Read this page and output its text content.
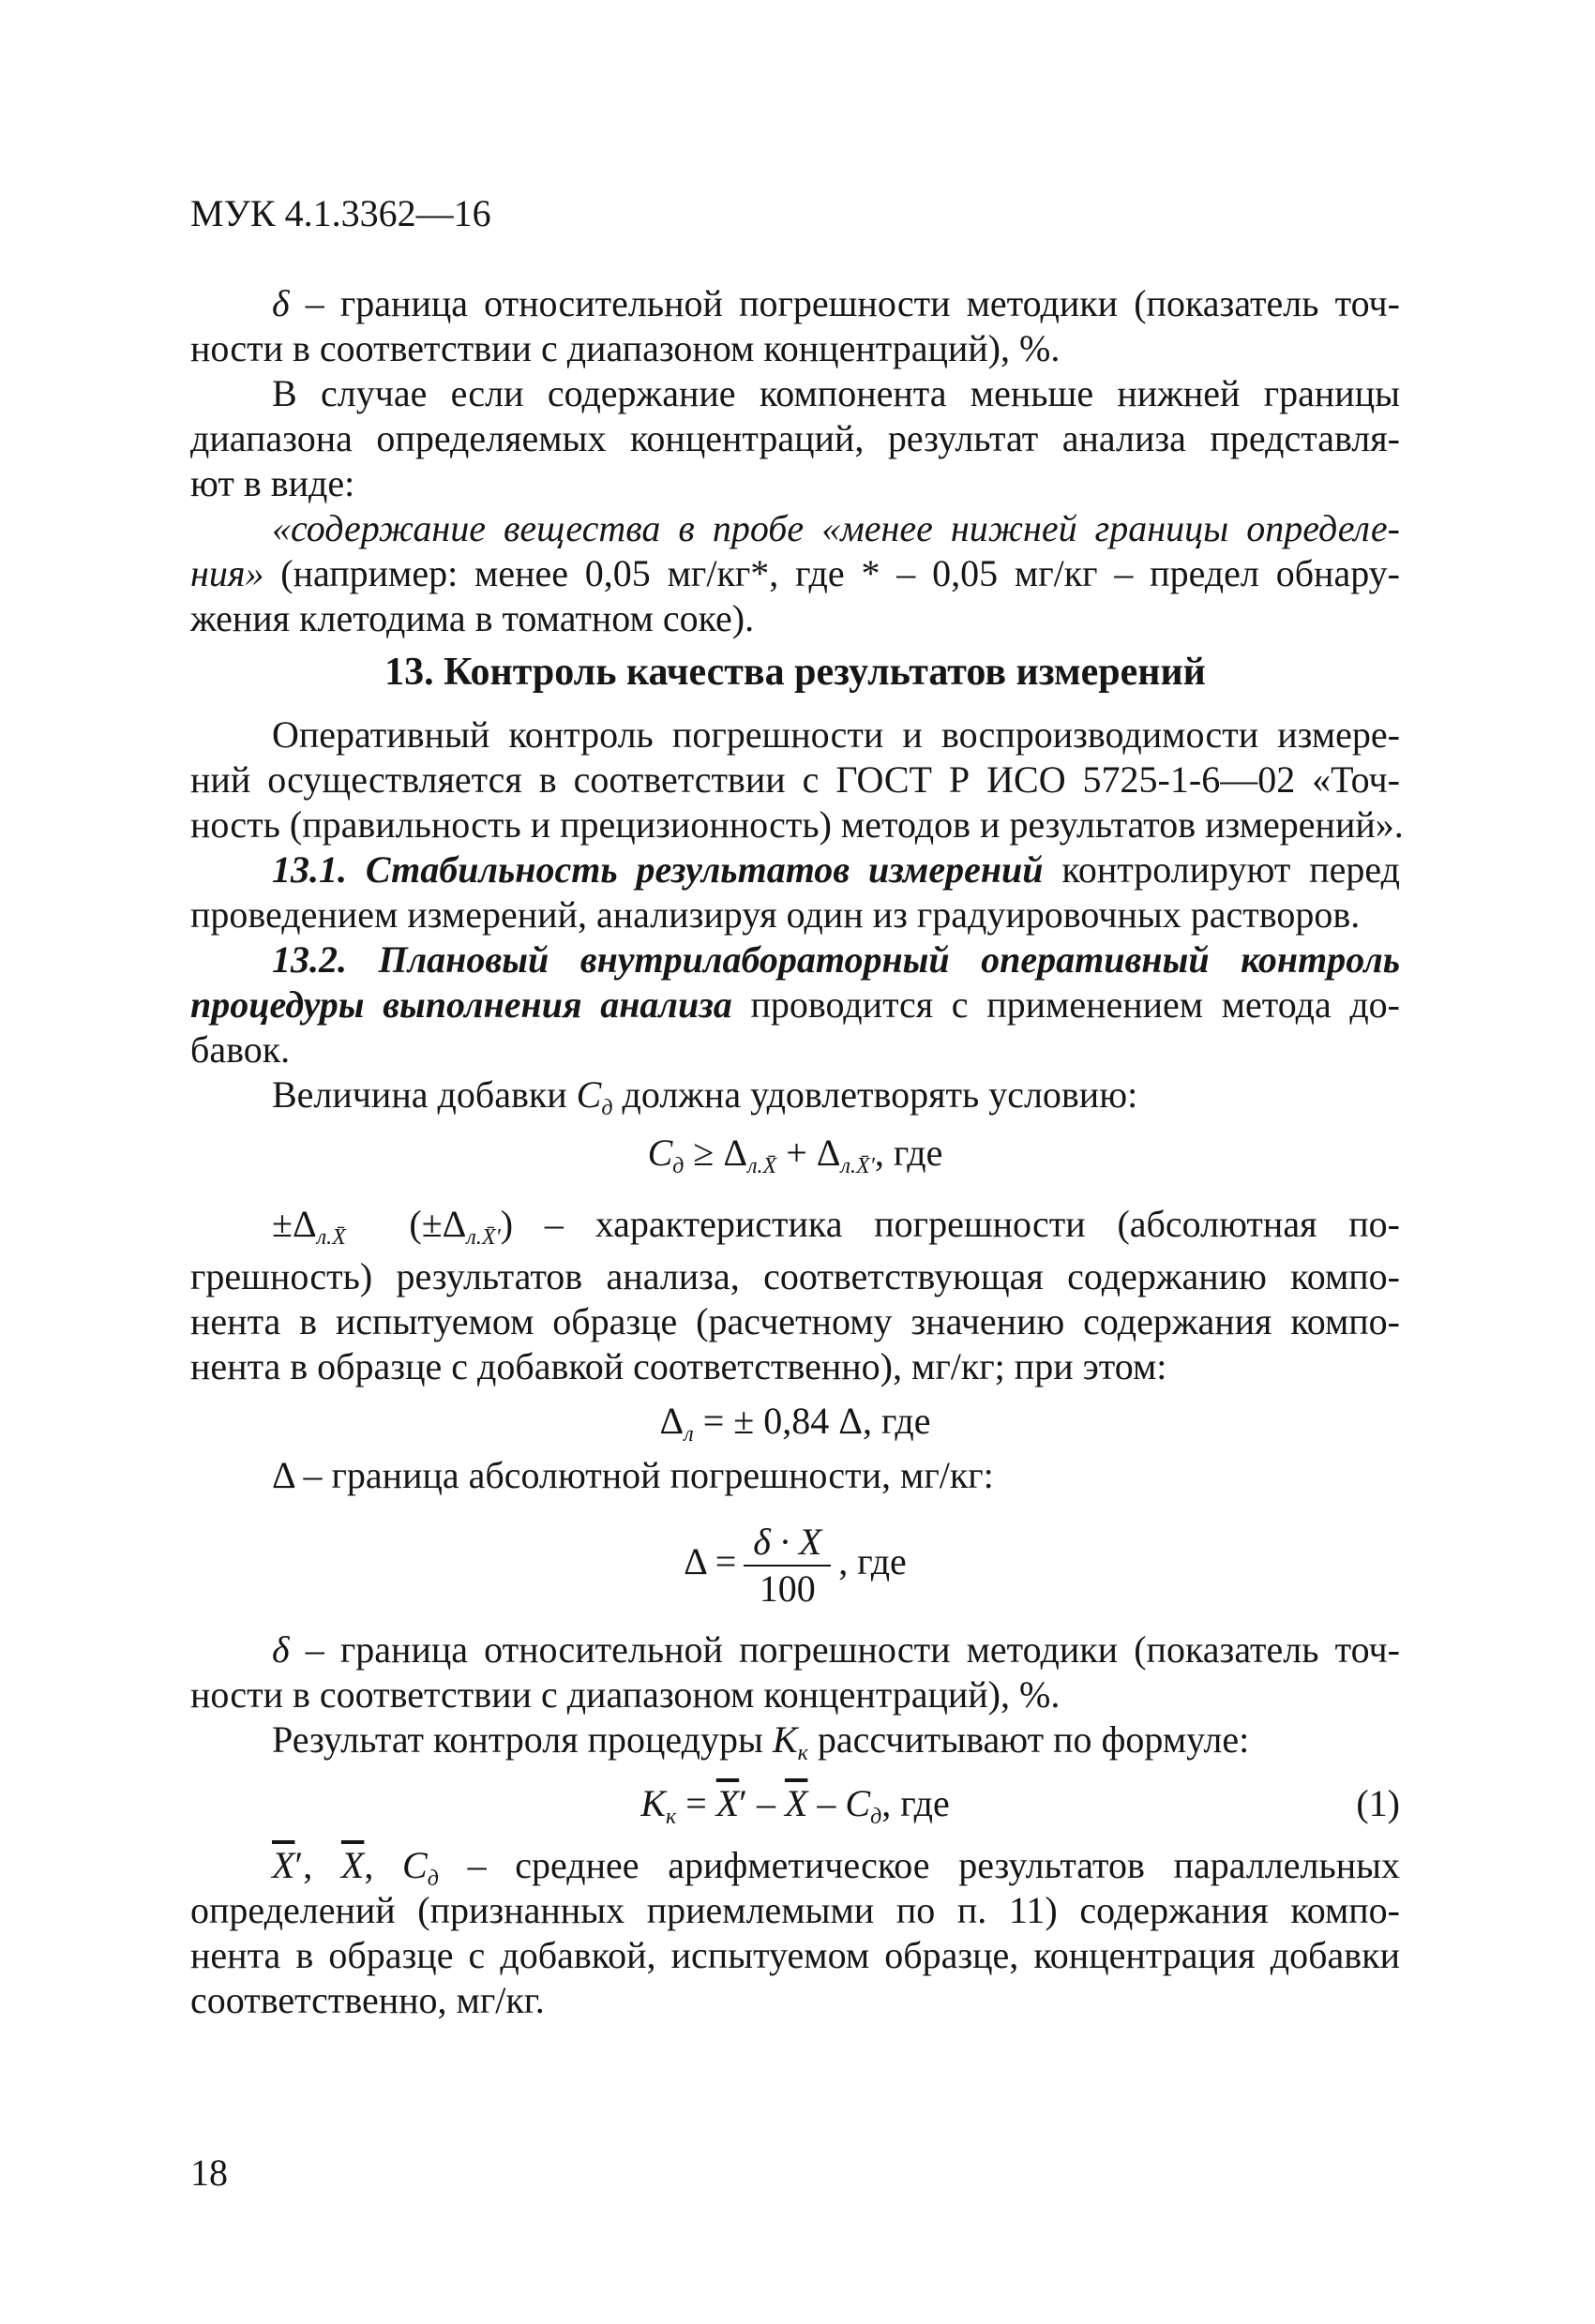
МУК 4.1.3362—16
δ – граница относительной погрешности методики (показатель точ-
ности в соответствии с диапазоном концентраций), %.
В случае если содержание компонента меньше нижней границы
диапазона определяемых концентраций, результат анализа представля-
ют в виде:
«содержание вещества в пробе «менее нижней границы определе-
ния» (например: менее 0,05 мг/кг*, где * – 0,05 мг/кг – предел обнару-
жения клетодима в томатном соке).
13. Контроль качества результатов измерений
Оперативный контроль погрешности и воспроизводимости измере-
ний осуществляется в соответствии с ГОСТ Р ИСО 5725-1-6—02 «Точ-
ность (правильность и прецизионность) методов и результатов измерений».
13.1. Стабильность результатов измерений контролируют перед
проведением измерений, анализируя один из градуировочных растворов.
13.2. Плановый внутрилабораторный оперативный контроль
процедуры выполнения анализа проводится с применением метода до-
бавок.
Величина добавки $C_д$ должна удовлетворять условию:
$C_д \ge \Delta_{л.X̄} + \Delta_{л.X̄'}$, где
$\pm\Delta_{л.X̄}$ $(\pm\Delta_{л.X̄'})$ – характеристика погрешности (абсолютная по-
грешность) результатов анализа, соответствующая содержанию компо-
нента в испытуемом образце (расчетному значению содержания компо-
нента в образце с добавкой соответственно), мг/кг; при этом:
$\Delta_л$ = ± 0,84 Δ, где
Δ – граница абсолютной погрешности, мг/кг:
$\Delta = \frac{\delta \cdot X}{100}$ , где
δ – граница относительной погрешности методики (показатель точ-
ности в соответствии с диапазоном концентраций), %.
Результат контроля процедуры $K_к$ рассчитывают по формуле:
$K_к = \overline{X}' - \overline{X} - C_д$, где	(1)
$\overline{X}'$, $\overline{X}$, $C_д$ – среднее арифметическое результатов параллельных
определений (признанных приемлемыми по п. 11) содержания компо-
нента в образце с добавкой, испытуемом образце, концентрация добавки
соответственно, мг/кг.
18
